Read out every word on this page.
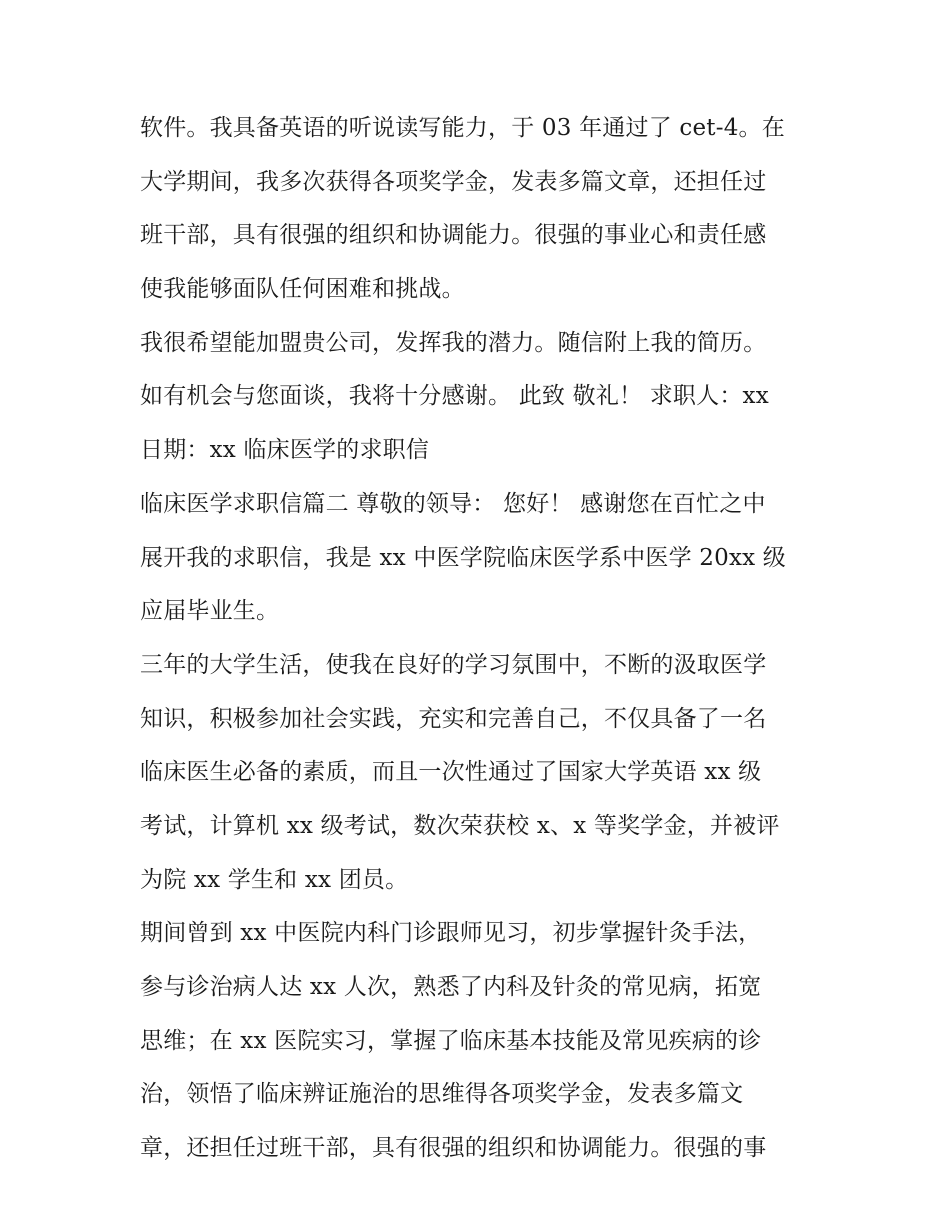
软件。我具备英语的听说读写能力，于 03 年通过了 cet-4。在
大学期间，我多次获得各项奖学金，发表多篇文章，还担任过
班干部，具有很强的组织和协调能力。很强的事业心和责任感
使我能够面队任何困难和挑战。
我很希望能加盟贵公司，发挥我的潜力。随信附上我的简历。
如有机会与您面谈，我将十分感谢。 此致 敬礼！ 求职人：xx
日期：xx 临床医学的求职信
临床医学求职信篇二 尊敬的领导： 您好！ 感谢您在百忙之中
展开我的求职信，我是 xx 中医学院临床医学系中医学 20xx 级
应届毕业生。
三年的大学生活，使我在良好的学习氛围中，不断的汲取医学
知识，积极参加社会实践，充实和完善自己，不仅具备了一名
临床医生必备的素质，而且一次性通过了国家大学英语 xx 级
考试，计算机 xx 级考试，数次荣获校 x、x 等奖学金，并被评
为院 xx 学生和 xx 团员。
期间曾到 xx 中医院内科门诊跟师见习，初步掌握针灸手法，
参与诊治病人达 xx 人次，熟悉了内科及针灸的常见病，拓宽
思维；在 xx 医院实习，掌握了临床基本技能及常见疾病的诊
治，领悟了临床辨证施治的思维得各项奖学金，发表多篇文
章，还担任过班干部，具有很强的组织和协调能力。很强的事
